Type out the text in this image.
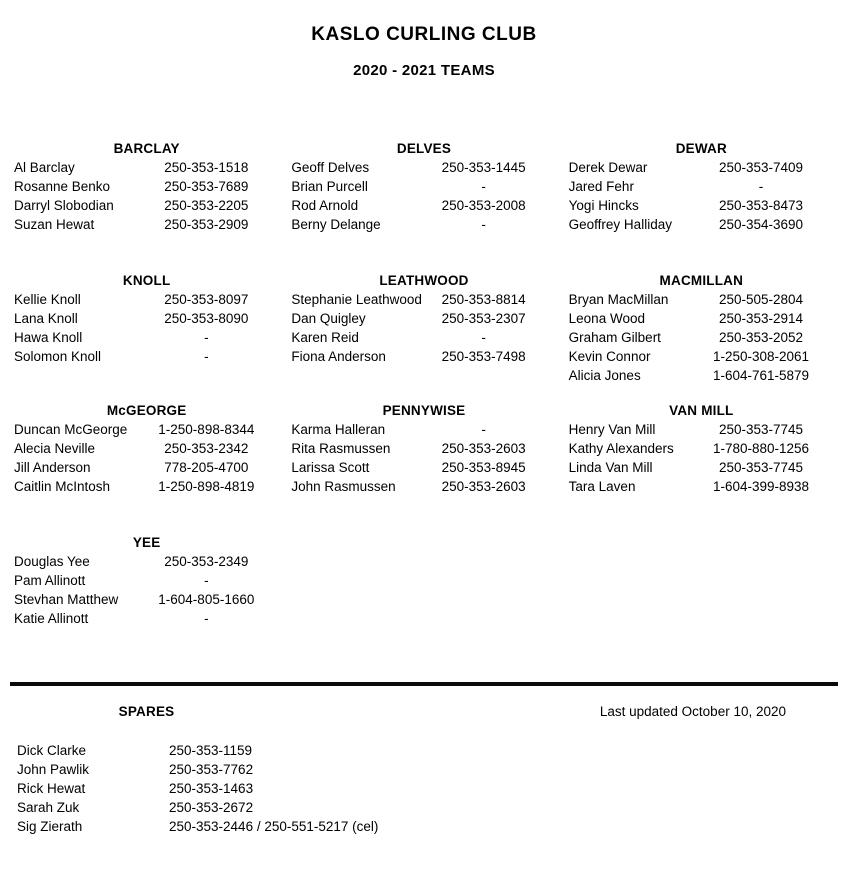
KASLO CURLING CLUB
2020 - 2021 TEAMS
BARCLAY
Al Barclay	250-353-1518
Rosanne Benko	250-353-7689
Darryl Slobodian	250-353-2205
Suzan Hewat	250-353-2909
DELVES
Geoff Delves	250-353-1445
Brian Purcell	-
Rod Arnold	250-353-2008
Berny Delange	-
DEWAR
Derek Dewar	250-353-7409
Jared Fehr	-
Yogi Hincks	250-353-8473
Geoffrey Halliday	250-354-3690
KNOLL
Kellie Knoll	250-353-8097
Lana Knoll	250-353-8090
Hawa Knoll	-
Solomon Knoll	-
LEATHWOOD
Stephanie Leathwood	250-353-8814
Dan Quigley	250-353-2307
Karen Reid	-
Fiona Anderson	250-353-7498
MACMILLAN
Bryan MacMillan	250-505-2804
Leona Wood	250-353-2914
Graham Gilbert	250-353-2052
Kevin Connor	1-250-308-2061
Alicia Jones	1-604-761-5879
McGEORGE
Duncan McGeorge	1-250-898-8344
Alecia Neville	250-353-2342
Jill Anderson	778-205-4700
Caitlin McIntosh	1-250-898-4819
PENNYWISE
Karma Halleran	-
Rita Rasmussen	250-353-2603
Larissa Scott	250-353-8945
John Rasmussen	250-353-2603
VAN MILL
Henry Van Mill	250-353-7745
Kathy Alexanders	1-780-880-1256
Linda Van Mill	250-353-7745
Tara Laven	1-604-399-8938
YEE
Douglas Yee	250-353-2349
Pam Allinott	-
Stevhan Matthew	1-604-805-1660
Katie Allinott	-
SPARES	Last updated October 10, 2020
Dick Clarke	250-353-1159
John Pawlik	250-353-7762
Rick Hewat	250-353-1463
Sarah Zuk	250-353-2672
Sig Zierath	250-353-2446 / 250-551-5217 (cel)
